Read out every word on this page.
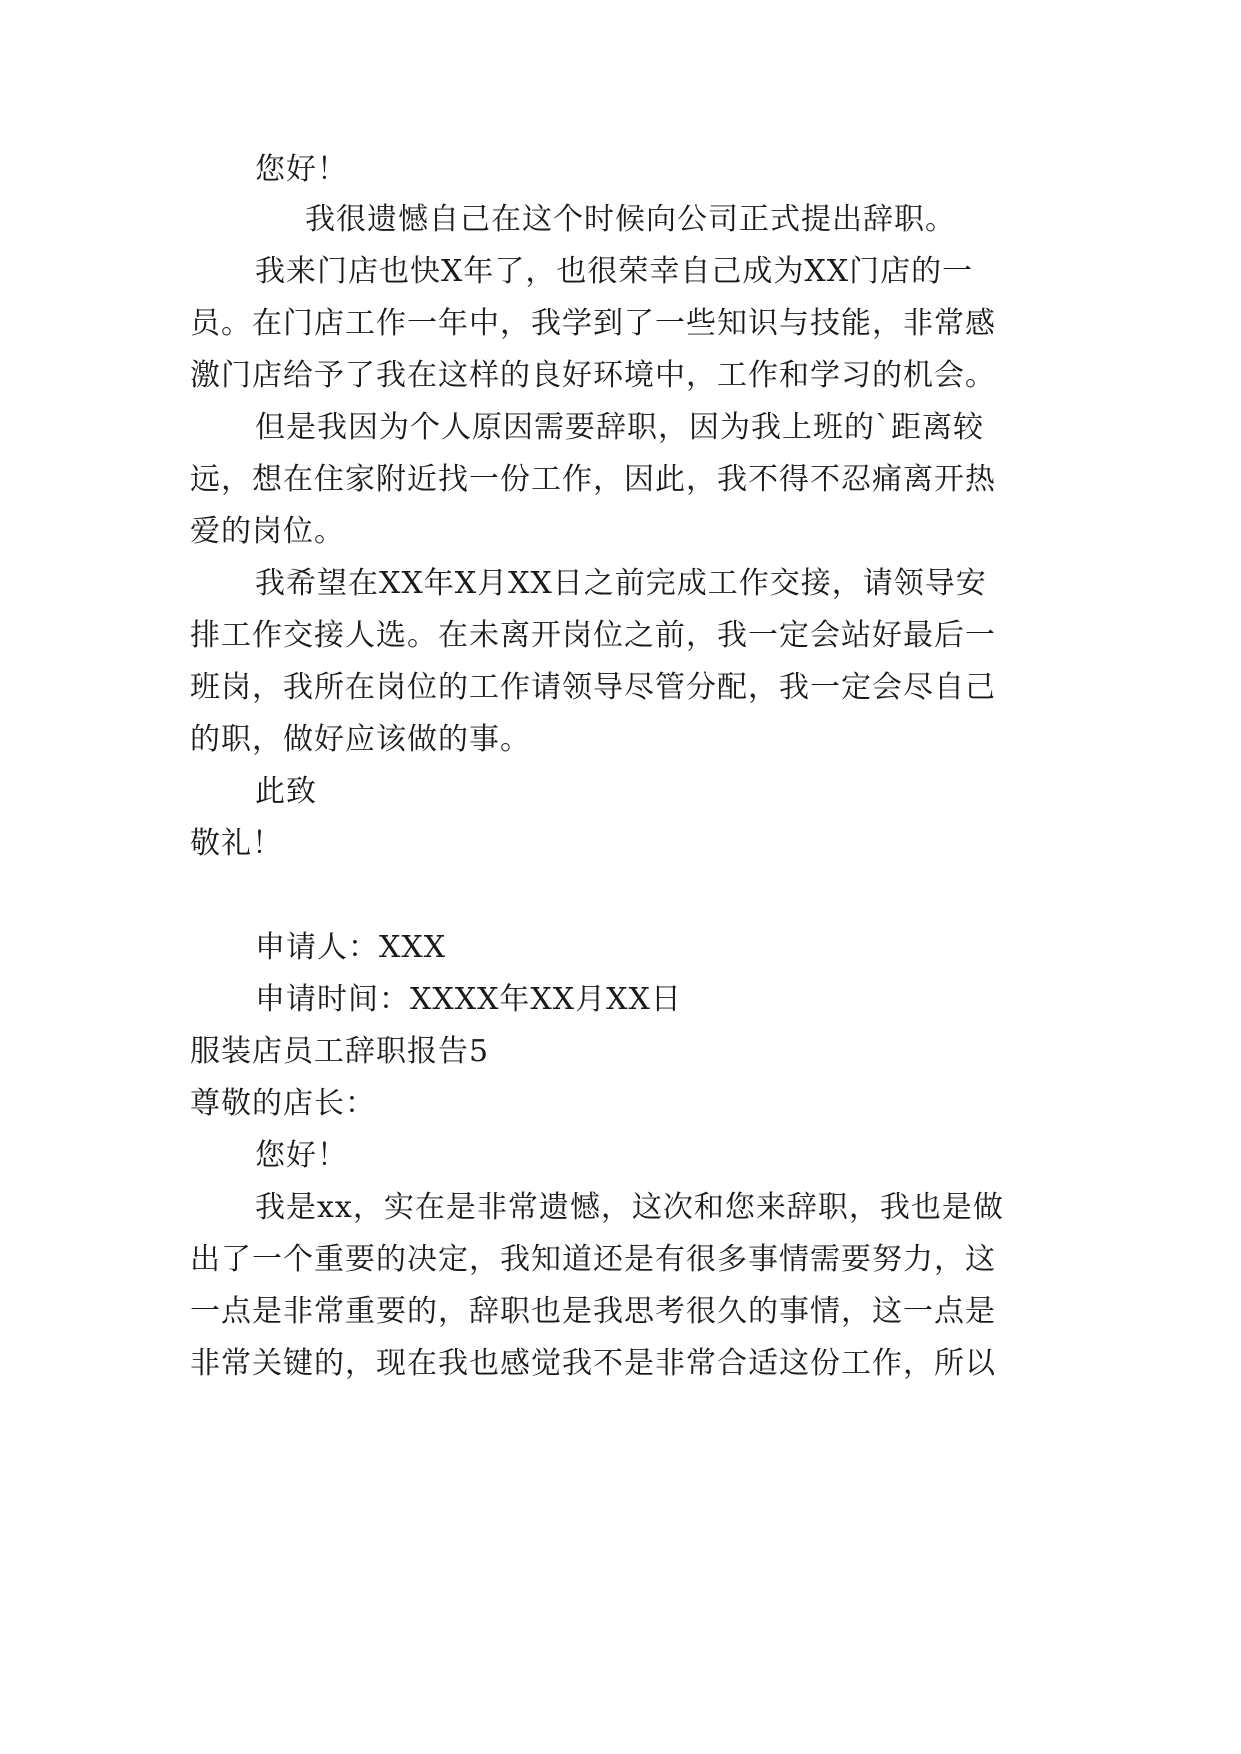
您好！
我很遗憾自己在这个时候向公司正式提出辞职。
我来门店也快X年了，也很荣幸自己成为XX门店的一
员。在门店工作一年中，我学到了一些知识与技能，非常感
激门店给予了我在这样的良好环境中，工作和学习的机会。
但是我因为个人原因需要辞职，因为我上班的`距离较
远，想在住家附近找一份工作，因此，我不得不忍痛离开热
爱的岗位。
我希望在XX年X月XX日之前完成工作交接，请领导安
排工作交接人选。在未离开岗位之前，我一定会站好最后一
班岗，我所在岗位的工作请领导尽管分配，我一定会尽自己
的职，做好应该做的事。
此致
敬礼！
申请人：XXX
申请时间：XXXX年XX月XX日
服装店员工辞职报告5
尊敬的店长：
您好！
我是xx，实在是非常遗憾，这次和您来辞职，我也是做
出了一个重要的决定，我知道还是有很多事情需要努力，这
一点是非常重要的，辞职也是我思考很久的事情，这一点是
非常关键的，现在我也感觉我不是非常合适这份工作，所以
